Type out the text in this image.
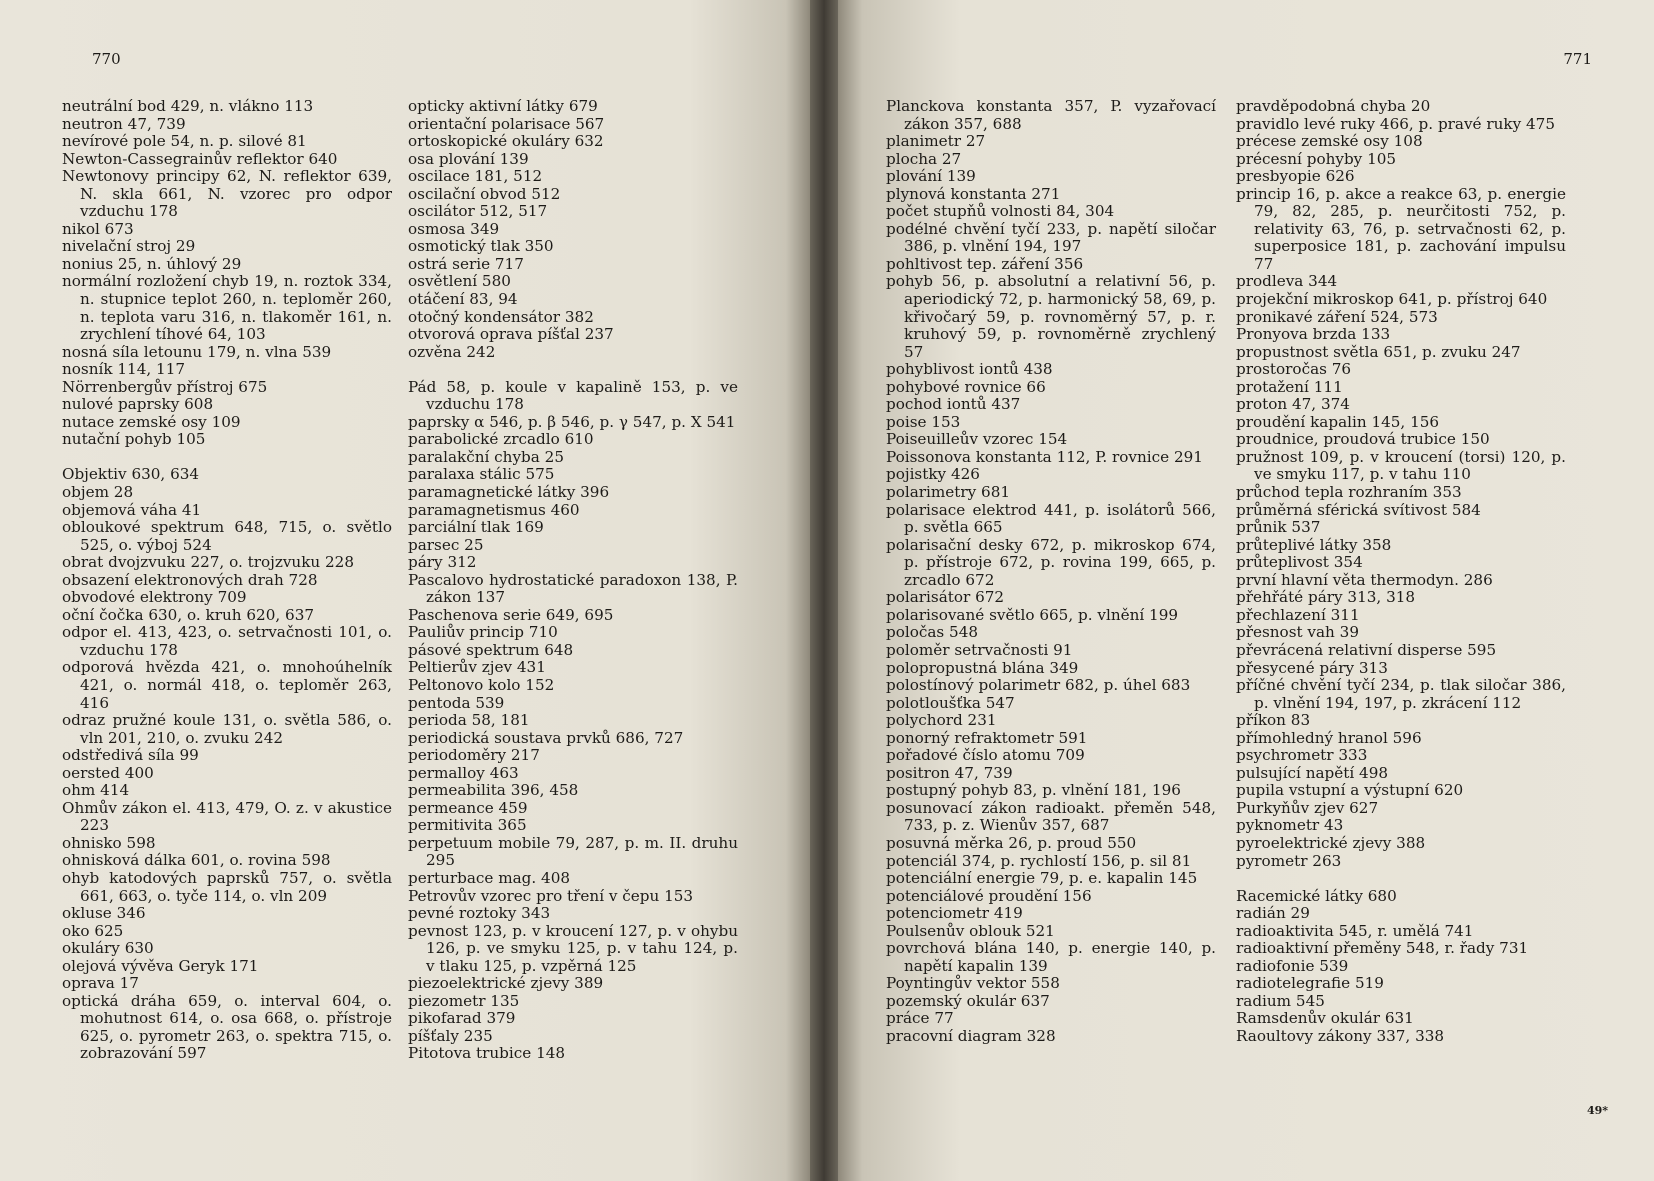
770
neutrální bod 429, n. vlákno 113
neutron 47, 739
nevírové pole 54, n. p. silové 81
Newton-Cassegrainův reflektor 640
Newtonovy principy 62, N. reflektor 639, N. skla 661, N. vzorec pro odpor vzduchu 178
nikol 673
nivelační stroj 29
nonius 25, n. úhlový 29
normální rozložení chyb 19, n. roztok 334, n. stupnice teplot 260, n. teploměr 260, n. teplota varu 316, n. tlakoměr 161, n. zrychlení tíhové 64, 103
nosná síla letounu 179, n. vlna 539
nosník 114, 117
Nörrenbergův přístroj 675
nulové paprsky 608
nutace zemské osy 109
nutační pohyb 105
Objektiv 630, 634
objem 28
objemová váha 41
obloukové spektrum 648, 715, o. světlo 525, o. výboj 524
obrat dvojzvuku 227, o. trojzvuku 228
obsazení elektronových drah 728
obvodové elektrony 709
oční čočka 630, o. kruh 620, 637
odpor el. 413, 423, o. setrvačnosti 101, o. vzduchu 178
odporová hvězda 421, o. mnohoúhelník 421, o. normál 418, o. teploměr 263, 416
odraz pružné koule 131, o. světla 586, o. vln 201, 210, o. zvuku 242
odstředivá síla 99
oersted 400
ohm 414
Ohmův zákon el. 413, 479, O. z. v akustice 223
ohnisko 598
ohnisková dálka 601, o. rovina 598
ohyb katodových paprsků 757, o. světla 661, 663, o. tyče 114, o. vln 209
okluse 346
oko 625
okuláry 630
olejová vývěva Geryk 171
oprava 17
optická dráha 659, o. interval 604, o. mohutnost 614, o. osa 668, o. přístroje 625, o. pyrometr 263, o. spektra 715, o. zobrazování 597
opticky aktivní látky 679
orientační polarisace 567
ortoskopické okuláry 632
osa plování 139
oscilace 181, 512
oscilační obvod 512
oscilátor 512, 517
osmosa 349
osmotický tlak 350
ostrá serie 717
osvětlení 580
otáčení 83, 94
otočný kondensátor 382
otvorová oprava píšťal 237
ozvěna 242
Pád 58, p. koule v kapalině 153, p. ve vzduchu 178
paprsky α 546, p. β 546, p. γ 547, p. X 541
parabolické zrcadlo 610
paralakční chyba 25
paralaxa stálic 575
paramagnetické látky 396
paramagnetismus 460
parciální tlak 169
parsec 25
páry 312
Pascalovo hydrostatické paradoxon 138, P. zákon 137
Paschenova serie 649, 695
Pauliův princip 710
pásové spektrum 648
Peltierův zjev 431
Peltonovo kolo 152
pentoda 539
perioda 58, 181
periodická soustava prvků 686, 727
periodoměry 217
permalloy 463
permeabilita 396, 458
permeance 459
permitivita 365
perpetuum mobile 79, 287, p. m. II. druhu 295
perturbace mag. 408
Petrovův vzorec pro tření v čepu 153
pevné roztoky 343
pevnost 123, p. v kroucení 127, p. v ohybu 126, p. ve smyku 125, p. v tahu 124, p. v tlaku 125, p. vzpěrná 125
piezoelektrické zjevy 389
piezometr 135
pikofarad 379
píšťaly 235
Pitotova trubice 148
771
Planckova konstanta 357, P. vyzařovací zákon 357, 688
planimetr 27
plocha 27
plování 139
plynová konstanta 271
počet stupňů volnosti 84, 304
podélné chvění tyčí 233, p. napětí siločar 386, p. vlnění 194, 197
pohltivost tep. záření 356
pohyb 56, p. absolutní a relativní 56, p. aperiodický 72, p. harmonický 58, 69, p. křivočarý 59, p. rovnoměrný 57, p. r. kruhový 59, p. rovnoměrně zrychlený 57
pohyblivost iontů 438
pohybové rovnice 66
pochod iontů 437
poise 153
Poiseuilleův vzorec 154
Poissonova konstanta 112, P. rovnice 291
pojistky 426
polarimetry 681
polarisace elektrod 441, p. isolátorů 566, p. světla 665
polarisační desky 672, p. mikroskop 674, p. přístroje 672, p. rovina 199, 665, p. zrcadlo 672
polarisátor 672
polarisované světlo 665, p. vlnění 199
poločas 548
poloměr setrvačnosti 91
polopropustná blána 349
polostínový polarimetr 682, p. úhel 683
polotloušťka 547
polychord 231
ponorný refraktometr 591
pořadové číslo atomu 709
positron 47, 739
postupný pohyb 83, p. vlnění 181, 196
posunovací zákon radioakt. přeměn 548, 733, p. z. Wienův 357, 687
posuvná měrka 26, p. proud 550
potenciál 374, p. rychlostí 156, p. sil 81
potenciální energie 79, p. e. kapalin 145
potenciálové proudění 156
potenciometr 419
Poulsenův oblouk 521
povrchová blána 140, p. energie 140, p. napětí kapalin 139
Poyntingův vektor 558
pozemský okulár 637
práce 77
pracovní diagram 328
pravděpodobná chyba 20
pravidlo levé ruky 466, p. pravé ruky 475
précese zemské osy 108
précesní pohyby 105
presbyopie 626
princip 16, p. akce a reakce 63, p. energie 79, 82, 285, p. neurčitosti 752, p. relativity 63, 76, p. setrvačnosti 62, p. superposice 181, p. zachování impulsu 77
prodleva 344
projekční mikroskop 641, p. přístroj 640
pronikavé záření 524, 573
Pronyova brzda 133
propustnost světla 651, p. zvuku 247
prostoročas 76
protažení 111
proton 47, 374
proudění kapalin 145, 156
proudnice, proudová trubice 150
pružnost 109, p. v kroucení (torsi) 120, p. ve smyku 117, p. v tahu 110
průchod tepla rozhraním 353
průměrná sférická svítivost 584
průnik 537
průteplivé látky 358
průteplivost 354
první hlavní věta thermodyn. 286
přehřáté páry 313, 318
přechlazení 311
přesnost vah 39
převrácená relativní disperse 595
přesycené páry 313
příčné chvění tyčí 234, p. tlak siločar 386, p. vlnění 194, 197, p. zkrácení 112
příkon 83
přímohledný hranol 596
psychrometr 333
pulsující napětí 498
pupila vstupní a výstupní 620
Purkyňův zjev 627
pyknometr 43
pyroelektrické zjevy 388
pyrometr 263
Racemické látky 680
radián 29
radioaktivita 545, r. umělá 741
radioaktivní přeměny 548, r. řady 731
radiofonie 539
radiotelegrafie 519
radium 545
Ramsdenův okulár 631
Raoultovy zákony 337, 338
49*
